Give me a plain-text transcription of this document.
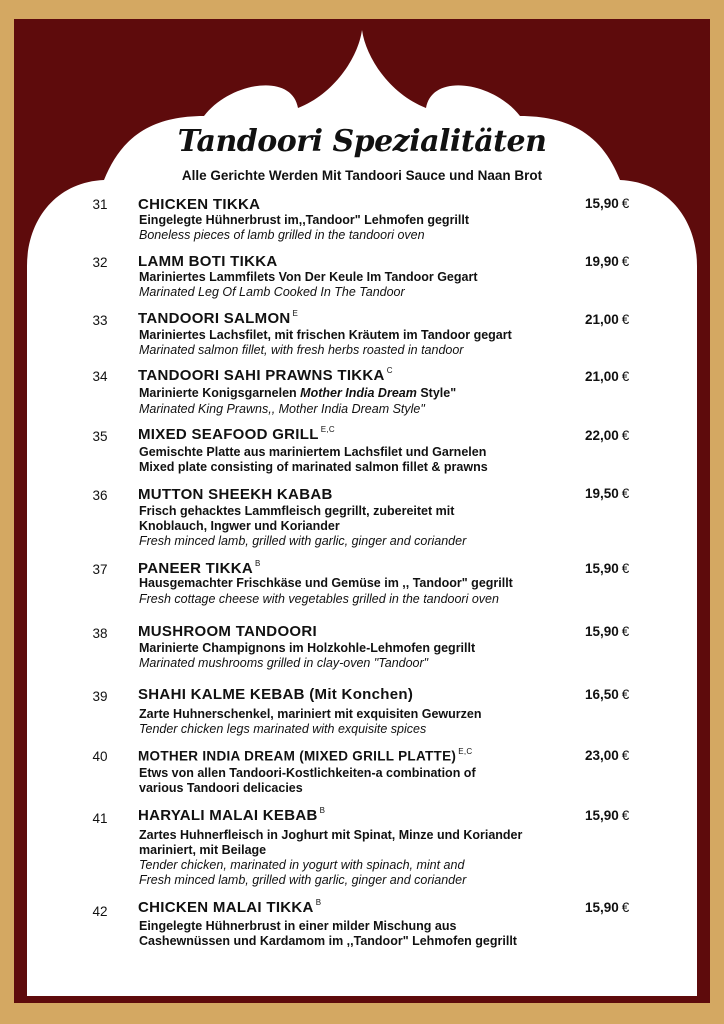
Tandoori Spezialitäten
Alle Gerichte Werden Mit Tandoori Sauce und Naan Brot
31 CHICKEN TIKKA	15,90 €
Eingelegte Hühnerbrust im,,Tandoor" Lehmofen gegrillt
Boneless pieces of lamb grilled in the tandoori oven
32 LAMM BOTI TIKKA	19,90 €
Mariniertes Lammfilets Von Der Keule Im Tandoor Gegart
Marinated Leg Of Lamb Cooked In The Tandoor
33 TANDOORI SALMON $^E$	21,00 €
Mariniertes Lachsfilet, mit frischen Kräutem im Tandoor gegart
Marinated salmon fillet, with fresh herbs roasted in tandoor
34 TANDOORI SAHI PRAWNS TIKKA $^C$	21,00 €
Marinierte Konigsgarnelen Mother India Dream Style"
Marinated King Prawns,, Mother India Dream Style"
35 MIXED SEAFOOD GRILL $^{E,C}$	22,00 €
Gemischte Platte aus mariniertem Lachsfilet und Garnelen
Mixed plate consisting of marinated salmon fillet & prawns
36 MUTTON SHEEKH KABAB	19,50 €
Frisch gehacktes Lammfleisch gegrillt, zubereitet mit
Knoblauch, Ingwer und Koriander
Fresh minced lamb, grilled with garlic, ginger and coriander
37 PANEER TIKKA $^B$	15,90 €
Hausgemachter Frischkäse und Gemüse im ,, Tandoor" gegrillt
Fresh cottage cheese with vegetables grilled in the tandoori oven
38 MUSHROOM TANDOORI	15,90 €
Marinierte Champignons im Holzkohle-Lehmofen gegrillt
Marinated mushrooms grilled in clay-oven "Tandoor"
39 SHAHI KALME KEBAB (Mit Konchen)	16,50 €
Zarte Huhnerschenkel, mariniert mit exquisiten Gewurzen
Tender chicken legs marinated with exquisite spices
40	MOTHER INDIA DREAM (MIXED GRILL PLATTE) $^{E,C}$	23,00 €
Etws von allen Tandoori-Kostlichkeiten-a combination of
various Tandoori delicacies
41 HARYALI MALAI KEBAB $^B$	15,90 €
Zartes Huhnerfleisch in Joghurt mit Spinat, Minze und Koriander
mariniert, mit Beilage
Tender chicken, marinated in yogurt with spinach, mint and
Fresh minced lamb, grilled with garlic, ginger and coriander
42 CHICKEN MALAI TIKKA $^B$	15,90 €
Eingelegte Hühnerbrust in einer milder Mischung aus
Cashewnüssen und Kardamom im ,,Tandoor" Lehmofen gegrillt
